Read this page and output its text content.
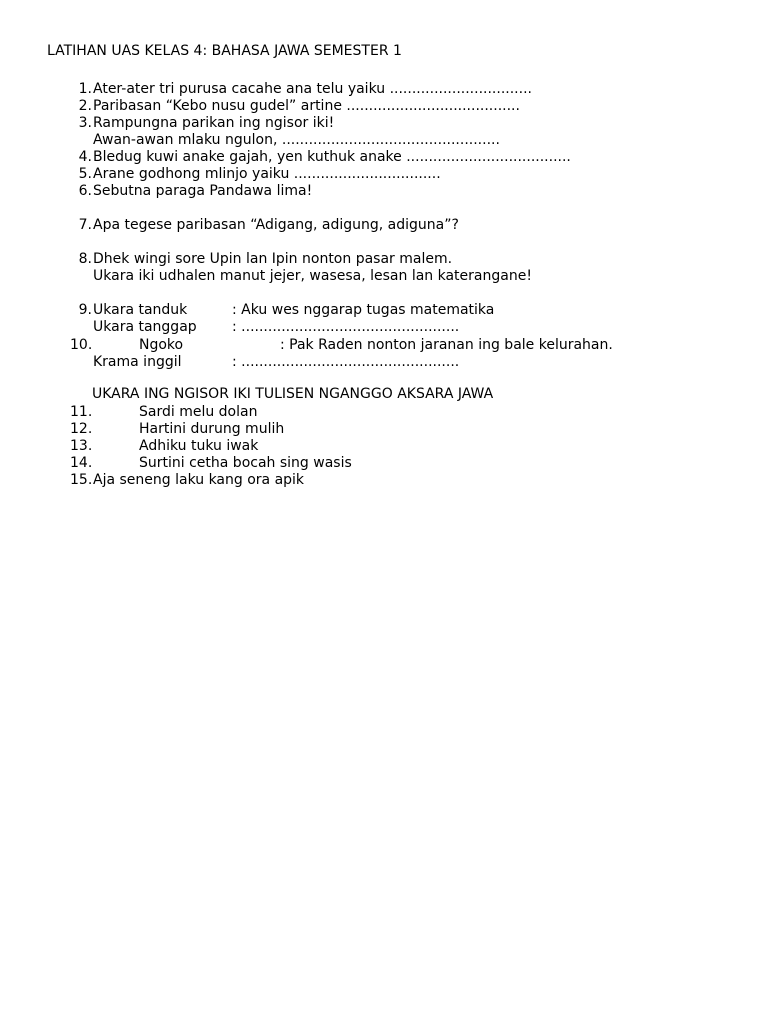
LATIHAN UAS KELAS 4: BAHASA JAWA SEMESTER 1
1. Ater-ater tri purusa cacahe ana telu yaiku ................................
2. Paribasan “Kebo nusu gudel” artine .......................................
3. Rampungna parikan ing ngisor iki!
Awan-awan mlaku ngulon, .................................................
4. Bledug kuwi anake gajah, yen kuthuk anake .....................................
5. Arane godhong mlinjo yaiku .................................
6. Sebutna paraga Pandawa lima!
7. Apa tegese paribasan “Adigang, adigung, adiguna”?
8. Dhek wingi sore Upin lan Ipin nonton pasar malem.
Ukara iki udhalen manut jejer, wasesa, lesan lan katerangane!
9. Ukara tanduk	: Aku wes nggarap tugas matematika
Ukara tanggap	: .................................................
10.	Ngoko	: Pak Raden nonton jaranan ing bale kelurahan.
Krama inggil	: .................................................
UKARA ING NGISOR IKI TULISEN NGANGGO AKSARA JAWA
11.	Sardi melu dolan
12.	Hartini durung mulih
13.	Adhiku tuku iwak
14.	Surtini cetha bocah sing wasis
15. Aja seneng laku kang ora apik
